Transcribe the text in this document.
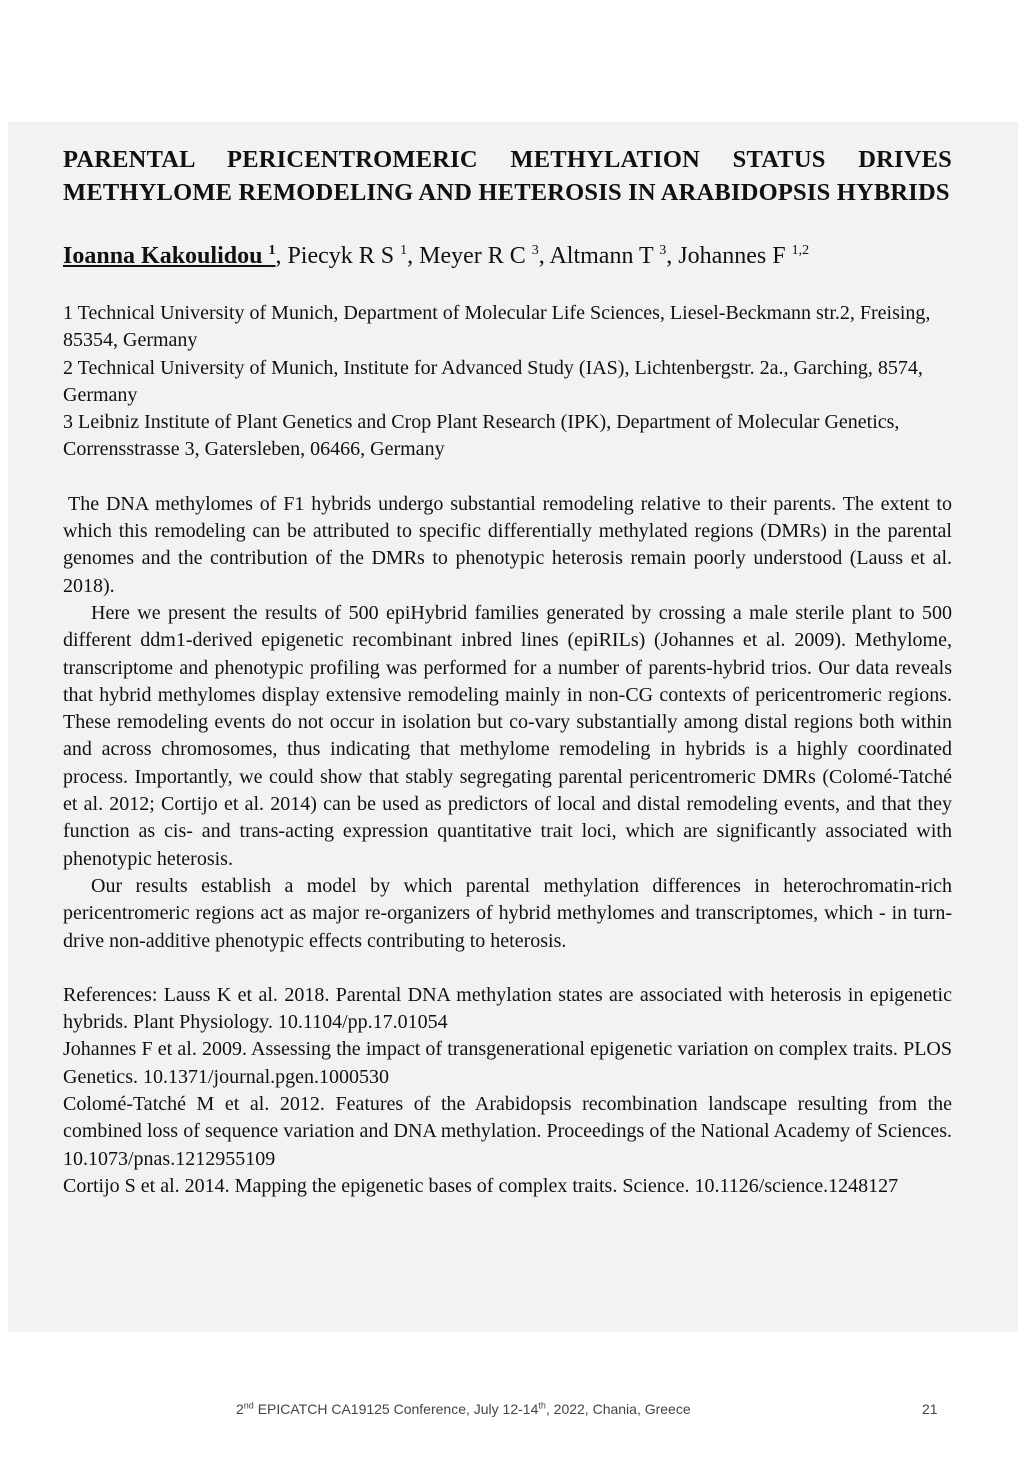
PARENTAL PERICENTROMERIC METHYLATION STATUS DRIVES METHYLOME REMODELING AND HETEROSIS IN ARABIDOPSIS HYBRIDS
Ioanna Kakoulidou $^1$, Piecyk R S $^1$, Meyer R C $^3$, Altmann T $^3$, Johannes F $^{1,2}$

1 Technical University of Munich, Department of Molecular Life Sciences, Liesel-Beckmann str.2, Freising, 85354, Germany

2 Technical University of Munich, Institute for Advanced Study (IAS), Lichtenbergstr. 2a., Garching, 8574, Germany

3 Leibniz Institute of Plant Genetics and Crop Plant Research (IPK), Department of Molecular Genetics, Corrensstrasse 3, Gatersleben, 06466, Germany

The DNA methylomes of F1 hybrids undergo substantial remodeling relative to their parents. The extent to which this remodeling can be attributed to specific differentially methylated regions (DMRs) in the parental genomes and the contribution of the DMRs to phenotypic heterosis remain poorly understood (Lauss et al. 2018).

Here we present the results of 500 epiHybrid families generated by crossing a male sterile plant to 500 different ddm1-derived epigenetic recombinant inbred lines (epiRILs) (Johannes et al. 2009). Methylome, transcriptome and phenotypic profiling was performed for a number of parents-hybrid trios. Our data reveals that hybrid methylomes display extensive remodeling mainly in non-CG contexts of pericentromeric regions. These remodeling events do not occur in isolation but co-vary substantially among distal regions both within and across chromosomes, thus indicating that methylome remodeling in hybrids is a highly coordinated process. Importantly, we could show that stably segregating parental pericentromeric DMRs (Colomé-Tatché et al. 2012; Cortijo et al. 2014) can be used as predictors of local and distal remodeling events, and that they function as cis- and trans-acting expression quantitative trait loci, which are significantly associated with phenotypic heterosis.

Our results establish a model by which parental methylation differences in heterochromatin-rich pericentromeric regions act as major re-organizers of hybrid methylomes and transcriptomes, which - in turn- drive non-additive phenotypic effects contributing to heterosis.

References: Lauss K et al. 2018. Parental DNA methylation states are associated with heterosis in epigenetic hybrids. Plant Physiology. 10.1104/pp.17.01054

Johannes F et al. 2009. Assessing the impact of transgenerational epigenetic variation on complex traits. PLOS Genetics. 10.1371/journal.pgen.1000530

Colomé-Tatché M et al. 2012. Features of the Arabidopsis recombination landscape resulting from the combined loss of sequence variation and DNA methylation. Proceedings of the National Academy of Sciences. 10.1073/pnas.1212955109

Cortijo S et al. 2014. Mapping the epigenetic bases of complex traits. Science. 10.1126/science.1248127

2nd EPICATCH CA19125 Conference, July 12-14th, 2022, Chania, Greece	21
